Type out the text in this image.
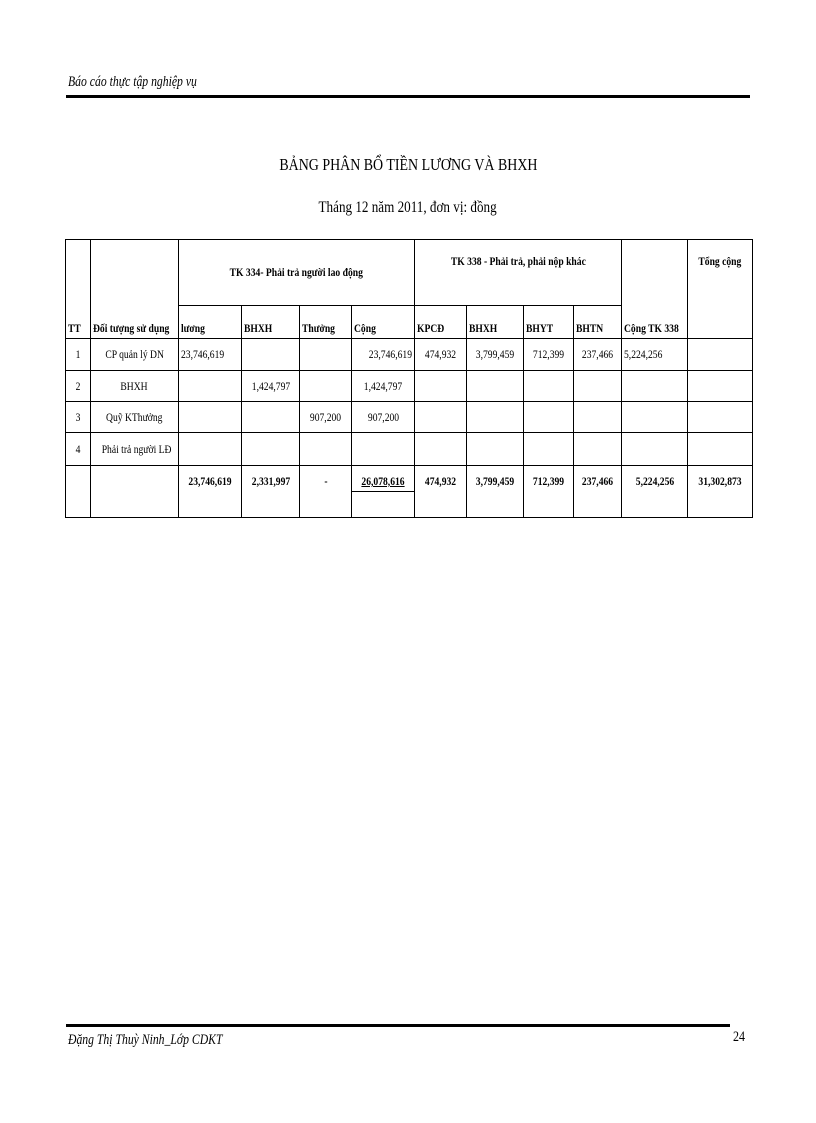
Báo cáo thực tập nghiệp vụ
BẢNG PHÂN BỔ TIỀN LƯƠNG VÀ BHXH
Tháng 12 năm 2011, đơn vị: đồng
TT	Đối tượng sử dụng	TK 334- Phải trả người lao động				TK 338 - Phải trả, phải nộp khác				Cộng TK 338	Tổng cộng
		lương	BHXH	Thưởng	Cộng	KPCĐ	BHXH	BHYT	BHTN		
1	CP quản lý DN	23,746,619			23,746,619	474,932	3,799,459	712,399	237,466	5,224,256	
2	BHXH		1,424,797		1,424,797						
3	Quỹ KThưởng			907,200	907,200						
4	Phải trả người LĐ										
		23,746,619	2,331,997	-	26,078,616	474,932	3,799,459	712,399	237,466	5,224,256	31,302,873

Đặng Thị Thuỳ Ninh_Lớp CDKT	24
